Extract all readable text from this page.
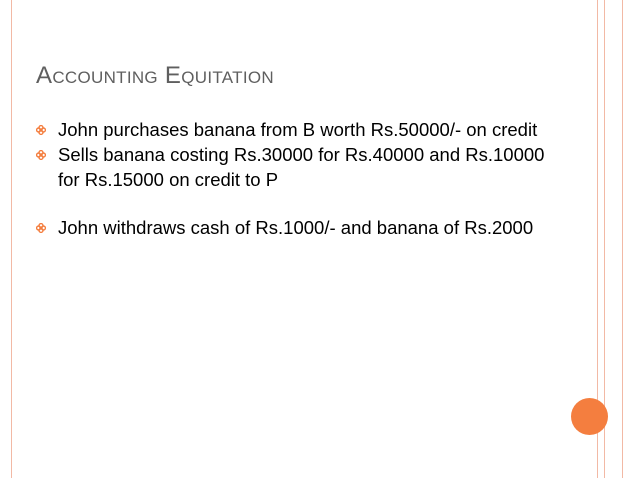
ACCOUNTING EQUITATION
John purchases banana from B worth Rs.50000/- on credit
Sells banana costing Rs.30000 for Rs.40000 and Rs.10000 for Rs.15000 on credit to P
John withdraws cash of Rs.1000/- and banana of Rs.2000
